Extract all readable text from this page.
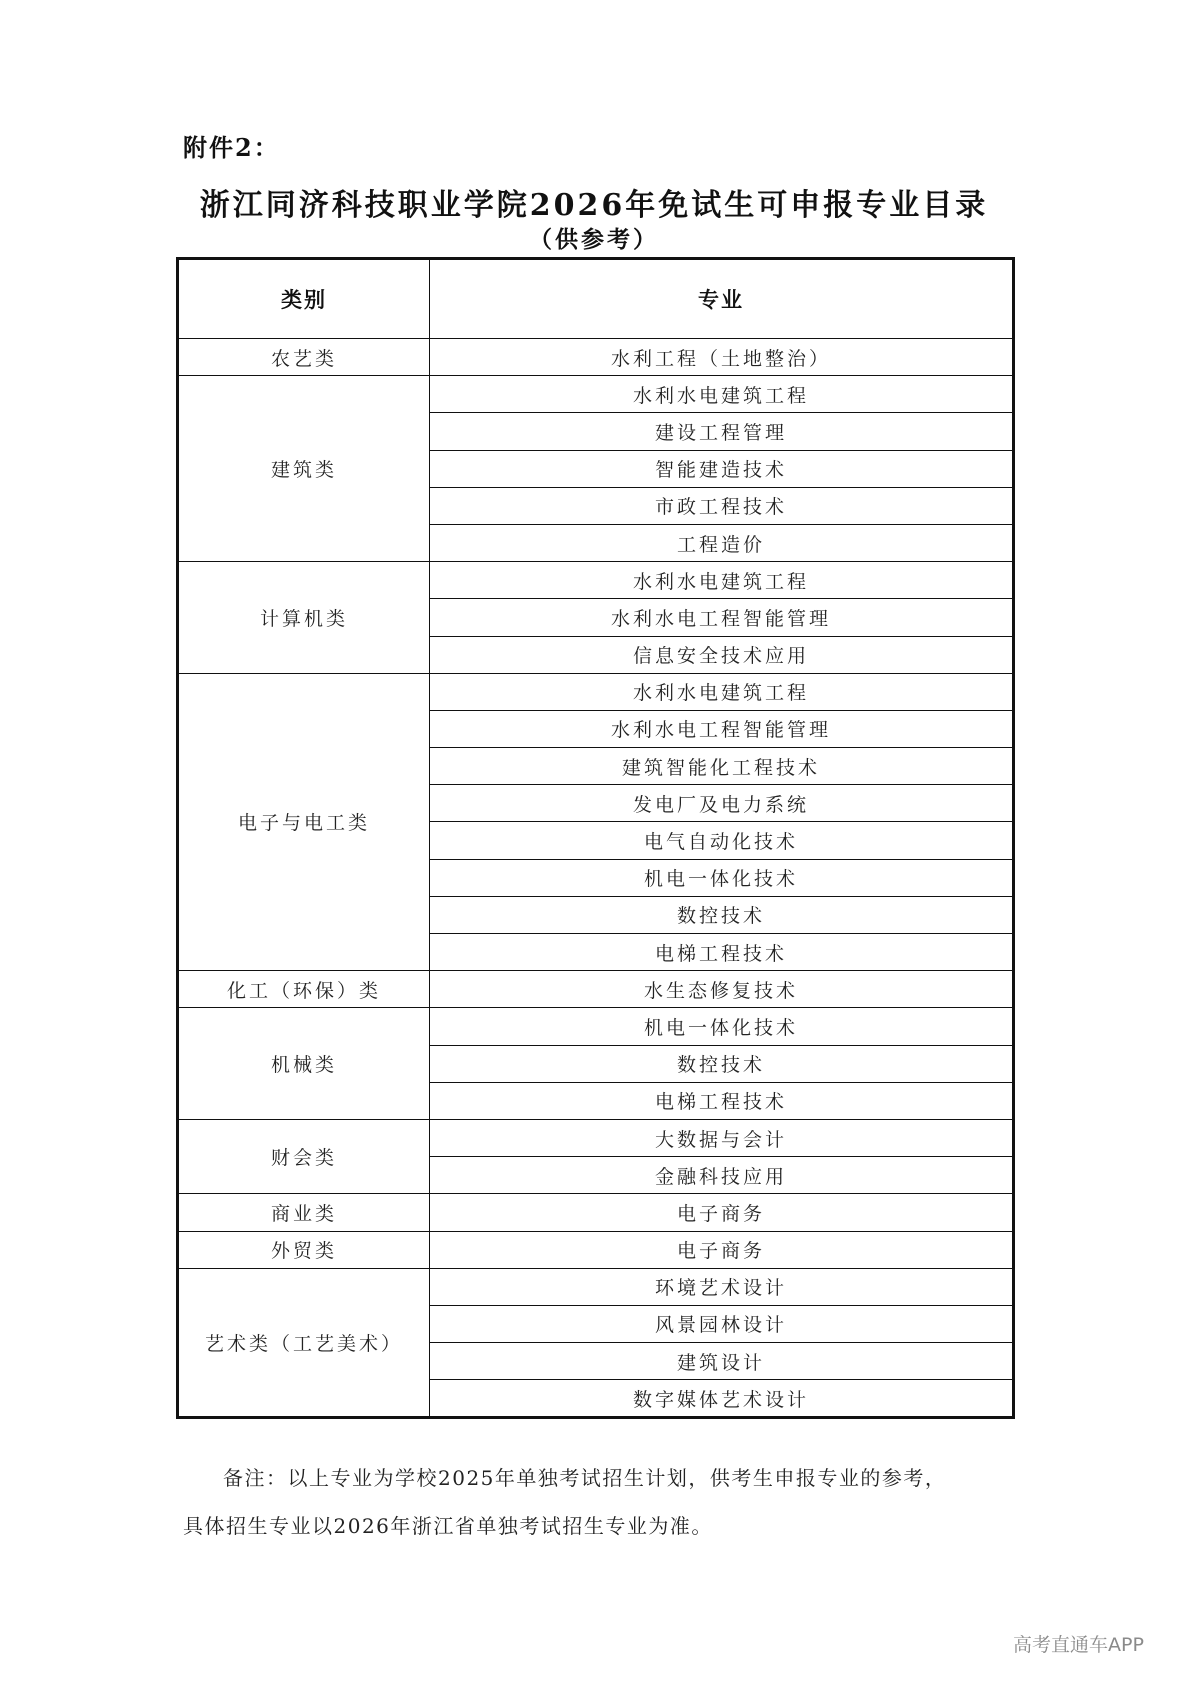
附件2：
浙江同济科技职业学院2026年免试生可申报专业目录
（供参考）
类别	专业
农艺类	水利工程（土地整治）
建筑类	水利水电建筑工程
	建设工程管理
	智能建造技术
	市政工程技术
	工程造价
计算机类	水利水电建筑工程
	水利水电工程智能管理
	信息安全技术应用
电子与电工类	水利水电建筑工程
	水利水电工程智能管理
	建筑智能化工程技术
	发电厂及电力系统
	电气自动化技术
	机电一体化技术
	数控技术
	电梯工程技术
化工（环保）类	水生态修复技术
机械类	机电一体化技术
	数控技术
	电梯工程技术
财会类	大数据与会计
	金融科技应用
商业类	电子商务
外贸类	电子商务
艺术类（工艺美术）	环境艺术设计
	风景园林设计
	建筑设计
	数字媒体艺术设计
备注：以上专业为学校2025年单独考试招生计划，供考生申报专业的参考，
具体招生专业以2026年浙江省单独考试招生专业为准。
高考直通车APP
